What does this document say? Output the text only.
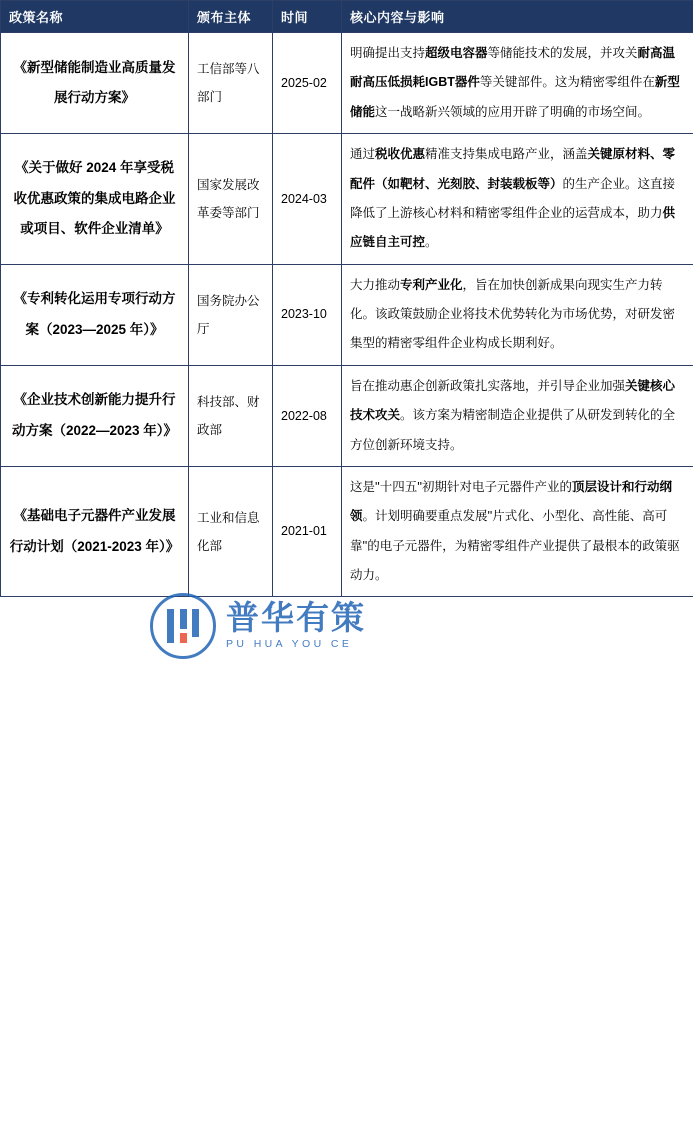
政策名称	颁布主体	时间	核心内容与影响
《新型储能制造业高质量发展行动方案》	工信部等八部门	2025-02	明确提出支持超级电容器等储能技术的发展，并攻关耐高温耐高压低损耗IGBT器件等关键部件。这为精密零组件在新型储能这一战略新兴领域的应用开辟了明确的市场空间。
《关于做好 2024 年享受税收优惠政策的集成电路企业或项目、软件企业清单》	国家发展改革委等部门	2024-03	通过税收优惠精准支持集成电路产业，涵盖关键原材料、零配件（如靶材、光刻胶、封装载板等）的生产企业。这直接降低了上游核心材料和精密零组件企业的运营成本，助力供应链自主可控。
《专利转化运用专项行动方案（2023—2025 年）》	国务院办公厅	2023-10	大力推动专利产业化，旨在加快创新成果向现实生产力转化。该政策鼓励企业将技术优势转化为市场优势，对研发密集型的精密零组件企业构成长期利好。
《企业技术创新能力提升行动方案（2022—2023 年）》	科技部、财政部	2022-08	旨在推动惠企创新政策扎实落地，并引导企业加强关键核心技术攻关。该方案为精密制造企业提供了从研发到转化的全方位创新环境支持。
《基础电子元器件产业发展行动计划（2021-2023 年）》	工业和信息化部	2021-01	这是''十四五''初期针对电子元器件产业的顶层设计和行动纲领。计划明确要重点发展''片式化、小型化、高性能、高可靠''的电子元器件，为精密零组件产业提供了最根本的政策驱动力。
普华有策
PU HUA YOU CE
